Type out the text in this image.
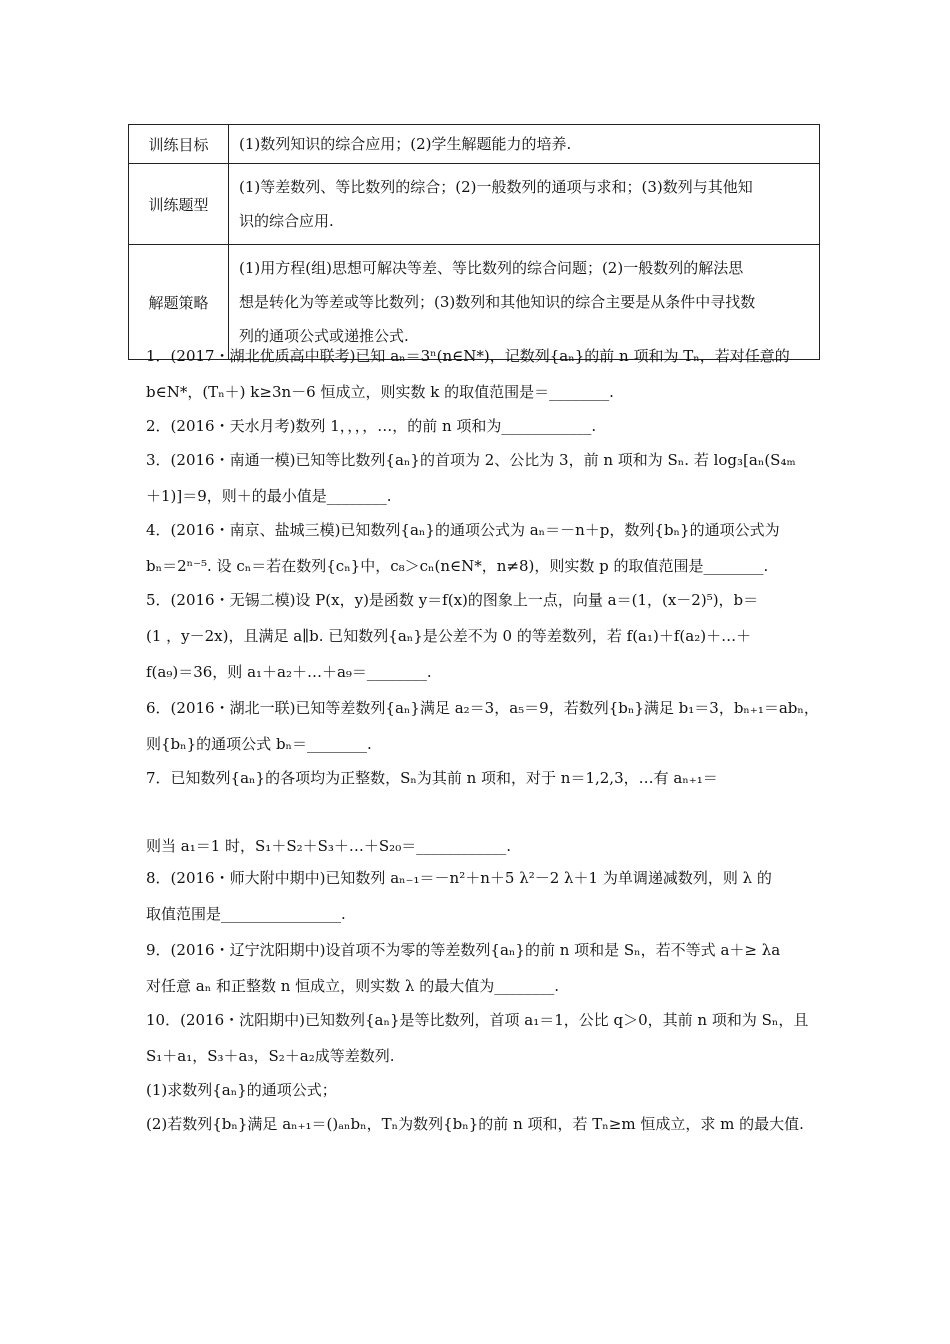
训练目标	(1)数列知识的综合应用；(2)学生解题能力的培养.

训练题型	(1)等差数列、等比数列的综合；(2)一般数列的通项与求和；(3)数列与其他知
识的综合应用.

解题策略	(1)用方程(组)思想可解决等差、等比数列的综合问题；(2)一般数列的解法思
想是转化为等差或等比数列；(3)数列和其他知识的综合主要是从条件中寻找数
列的通项公式或递推公式.
1．(2017・湖北优质高中联考)已知 aₙ＝3ⁿ(n∈N*)，记数列{aₙ}的前 n 项和为 Tₙ，若对任意的
b∈N*，(Tₙ＋) k≥3n－6 恒成立，则实数 k 的取值范围是＝________.
2．(2016・天水月考)数列 1，，，，…，的前 n 项和为____________.
3．(2016・南通一模)已知等比数列{aₙ}的首项为 2、公比为 3，前 n 项和为 Sₙ. 若 log₃[aₙ(S₄ₘ
＋1)]＝9，则＋的最小值是________.
4．(2016・南京、盐城三模)已知数列{aₙ}的通项公式为 aₙ＝－n＋p，数列{bₙ}的通项公式为
bₙ＝2ⁿ⁻⁵. 设 cₙ＝若在数列{cₙ}中，c₈＞cₙ(n∈N*，n≠8)，则实数 p 的取值范围是________.
5．(2016・无锡二模)设 P(x，y)是函数 y＝f(x)的图象上一点，向量 a＝(1，(x－2)⁵)，b＝
(1 ，y－2x)，且满足 a∥b. 已知数列{aₙ}是公差不为 0 的等差数列，若 f(a₁)＋f(a₂)＋…＋
f(a₉)＝36，则 a₁＋a₂＋…＋a₉＝________.
6．(2016・湖北一联)已知等差数列{aₙ}满足 a₂＝3，a₅＝9，若数列{bₙ}满足 b₁＝3，bₙ₊₁＝abₙ，
则{bₙ}的通项公式 bₙ＝________.
7．已知数列{aₙ}的各项均为正整数，Sₙ为其前 n 项和，对于 n＝1,2,3，…有 aₙ₊₁＝
则当 a₁＝1 时，S₁＋S₂＋S₃＋…＋S₂₀＝____________.
8．(2016・师大附中期中)已知数列 aₙ₋₁＝－n²＋n＋5 λ²－2 λ＋1 为单调递减数列，则 λ 的
取值范围是________________.
9．(2016・辽宁沈阳期中)设首项不为零的等差数列{aₙ}的前 n 项和是 Sₙ，若不等式 a＋≥ λa
对任意 aₙ 和正整数 n 恒成立，则实数 λ 的最大值为________.
10．(2016・沈阳期中)已知数列{aₙ}是等比数列，首项 a₁＝1，公比 q＞0，其前 n 项和为 Sₙ，且
S₁＋a₁，S₃＋a₃，S₂＋a₂成等差数列.
(1)求数列{aₙ}的通项公式；
(2)若数列{bₙ}满足 aₙ₊₁＝()ₐₙbₙ，Tₙ为数列{bₙ}的前 n 项和，若 Tₙ≥m 恒成立，求 m 的最大值.
